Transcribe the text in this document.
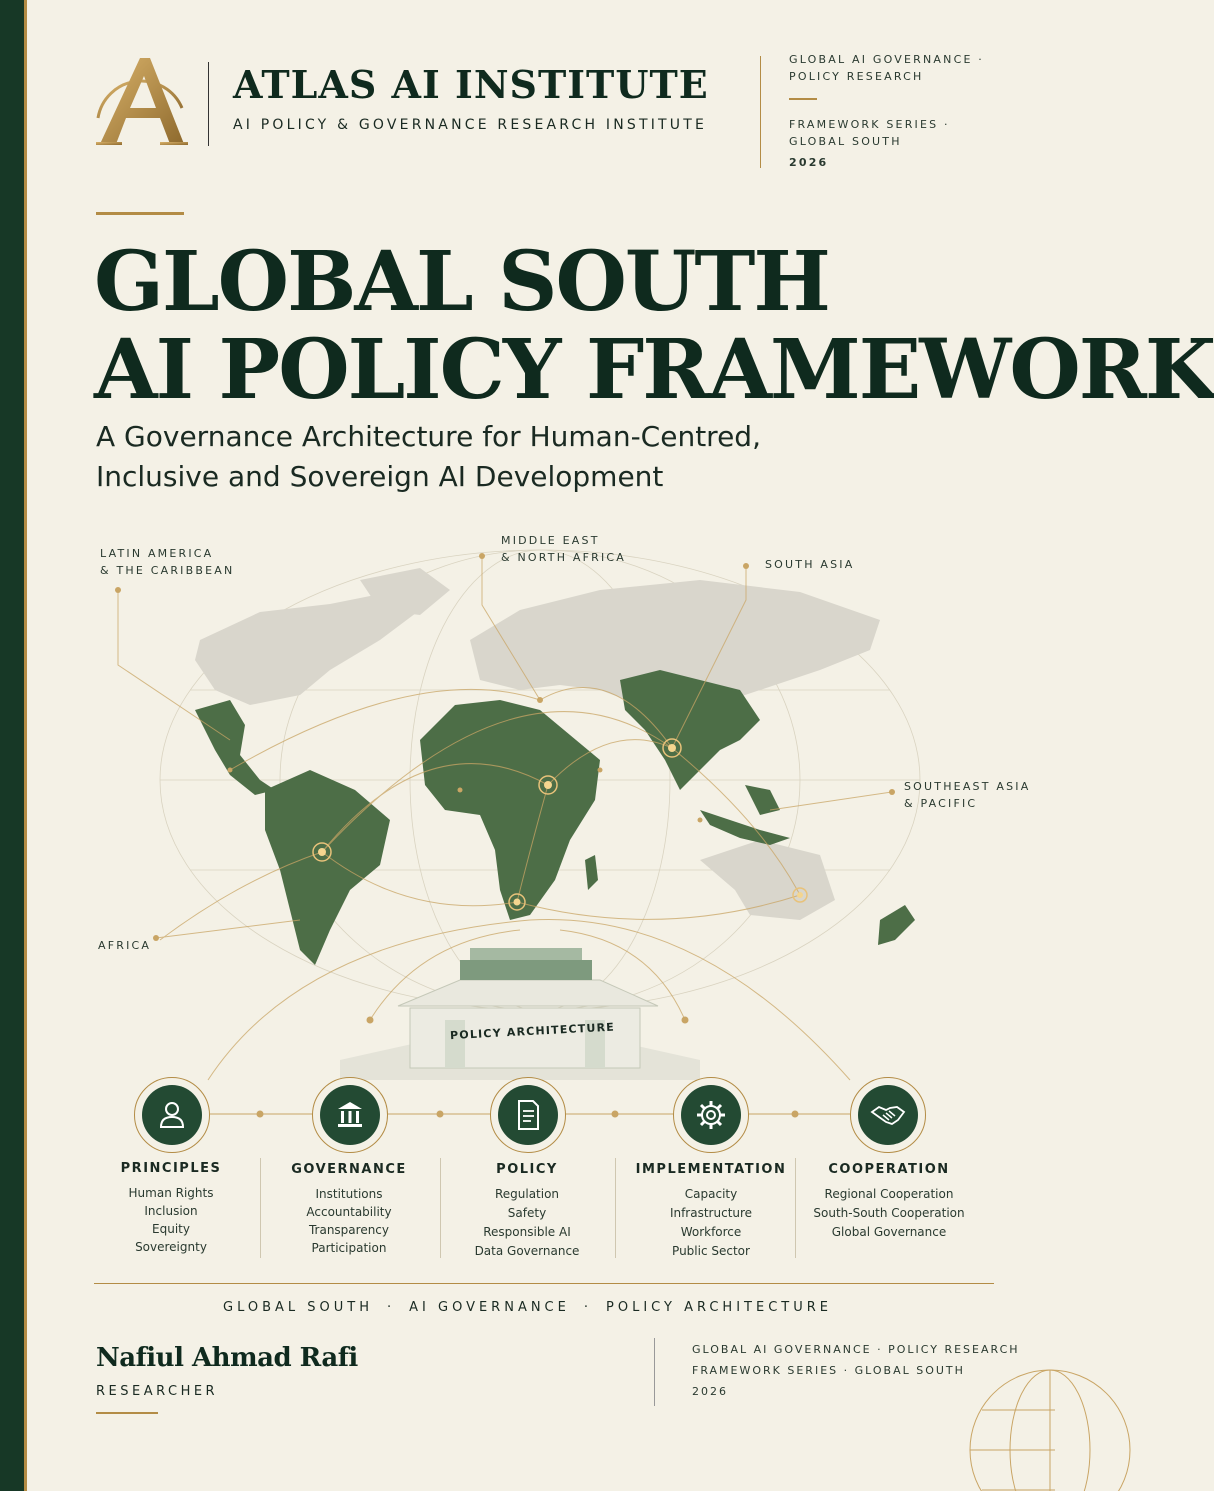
ATLAS AI INSTITUTE
AI POLICY & GOVERNANCE RESEARCH INSTITUTE
GLOBAL AI GOVERNANCE ·
POLICY RESEARCH
FRAMEWORK SERIES ·
GLOBAL SOUTH
2026
GLOBAL SOUTH
AI POLICY FRAMEWORK
A Governance Architecture for Human-Centred,
Inclusive and Sovereign AI Development
LATIN AMERICA
& THE CARIBBEAN
MIDDLE EAST
& NORTH AFRICA
SOUTH ASIA
SOUTHEAST ASIA
& PACIFIC
AFRICA
POLICY ARCHITECTURE
PRINCIPLES
Human Rights
Inclusion
Equity
Sovereignty
GOVERNANCE
Institutions
Accountability
Transparency
Participation
POLICY
Regulation
Safety
Responsible AI
Data Governance
IMPLEMENTATION
Capacity
Infrastructure
Workforce
Public Sector
COOPERATION
Regional Cooperation
South-South Cooperation
Global Governance
GLOBAL SOUTH · AI GOVERNANCE · POLICY ARCHITECTURE
Nafiul Ahmad Rafi
RESEARCHER
GLOBAL AI GOVERNANCE · POLICY RESEARCH
FRAMEWORK SERIES · GLOBAL SOUTH
2026
